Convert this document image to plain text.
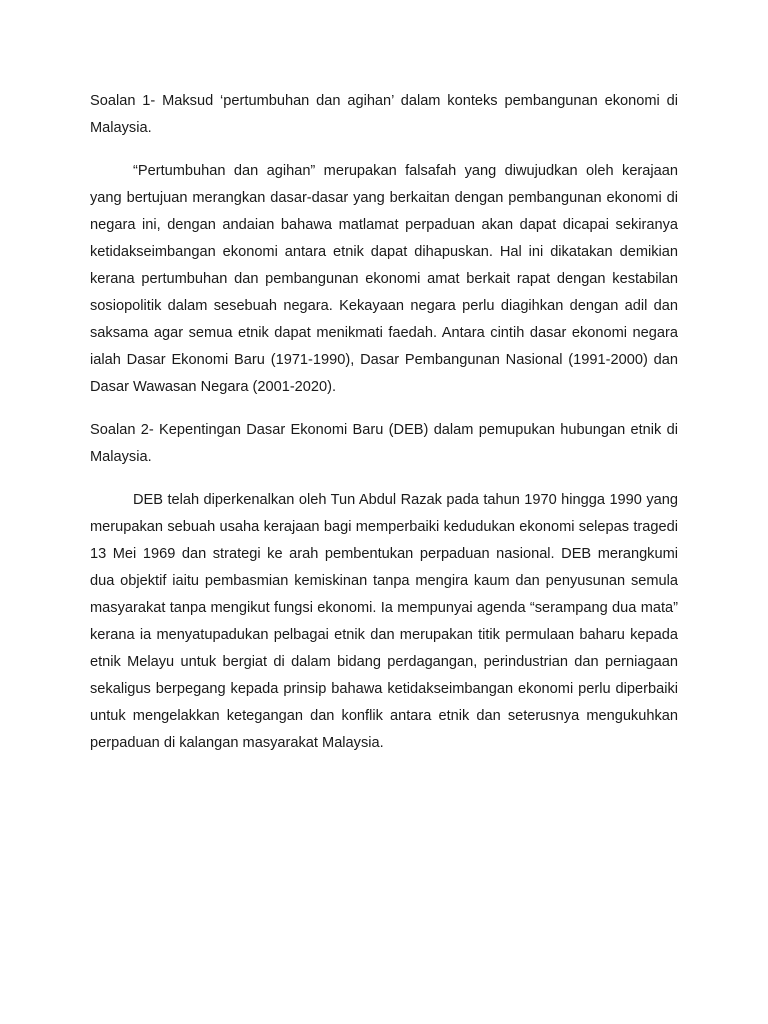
Soalan 1- Maksud ‘pertumbuhan dan agihan’ dalam konteks pembangunan ekonomi di Malaysia.

“Pertumbuhan dan agihan” merupakan falsafah yang diwujudkan oleh kerajaan yang bertujuan merangkan dasar-dasar yang berkaitan dengan pembangunan ekonomi di negara ini, dengan andaian bahawa matlamat perpaduan akan dapat dicapai sekiranya ketidakseimbangan ekonomi antara etnik dapat dihapuskan. Hal ini dikatakan demikian kerana pertumbuhan dan pembangunan ekonomi amat berkait rapat dengan kestabilan sosiopolitik dalam sesebuah negara. Kekayaan negara perlu diagihkan dengan adil dan saksama agar semua etnik dapat menikmati faedah. Antara cintih dasar ekonomi negara ialah Dasar Ekonomi Baru (1971-1990), Dasar Pembangunan Nasional (1991-2000) dan Dasar Wawasan Negara (2001-2020).

Soalan 2- Kepentingan Dasar Ekonomi Baru (DEB) dalam pemupukan hubungan etnik di Malaysia.

DEB telah diperkenalkan oleh Tun Abdul Razak pada tahun 1970 hingga 1990 yang merupakan sebuah usaha kerajaan bagi memperbaiki kedudukan ekonomi selepas tragedi 13 Mei 1969 dan strategi ke arah pembentukan perpaduan nasional. DEB merangkumi dua objektif iaitu pembasmian kemiskinan tanpa mengira kaum dan penyusunan semula masyarakat tanpa mengikut fungsi ekonomi. Ia mempunyai agenda “serampang dua mata” kerana ia menyatupadukan pelbagai etnik dan merupakan titik permulaan baharu kepada etnik Melayu untuk bergiat di dalam bidang perdagangan, perindustrian dan perniagaan sekaligus berpegang kepada prinsip bahawa ketidakseimbangan ekonomi perlu diperbaiki untuk mengelakkan ketegangan dan konflik antara etnik dan seterusnya mengukuhkan perpaduan di kalangan masyarakat Malaysia.
